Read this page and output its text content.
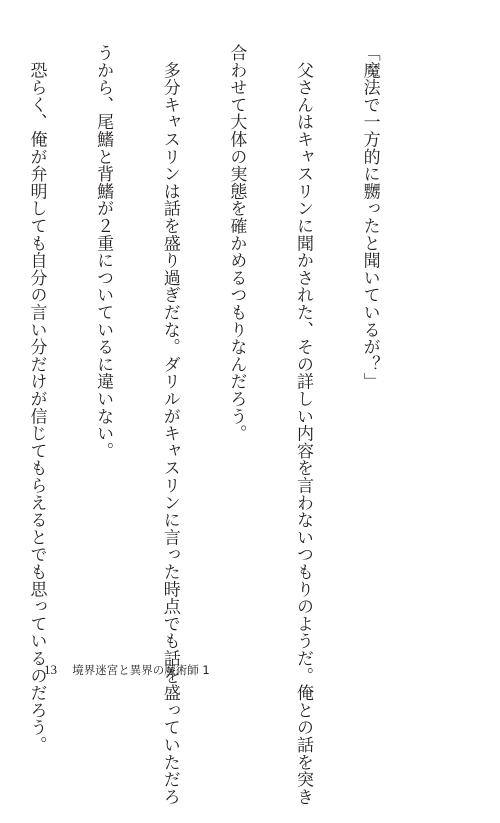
「魔法で一方的に嬲ったと聞いているが？」

　父さんはキャスリンに聞かされた、その詳しい内容を言わないつもりのようだ。俺との話を突き

合わせて大体の実態を確かめるつもりなんだろう。

　多分キャスリンは話を盛り過ぎだな。ダリルがキャスリンに言った時点でも話を盛っていただろ

うから、尾鰭と背鰭が２重についているに違いない。

　恐らく、俺が弁明しても自分の言い分だけが信じてもらえるとでも思っているのだろう。

13 境界迷宮と異界の魔術師 1
